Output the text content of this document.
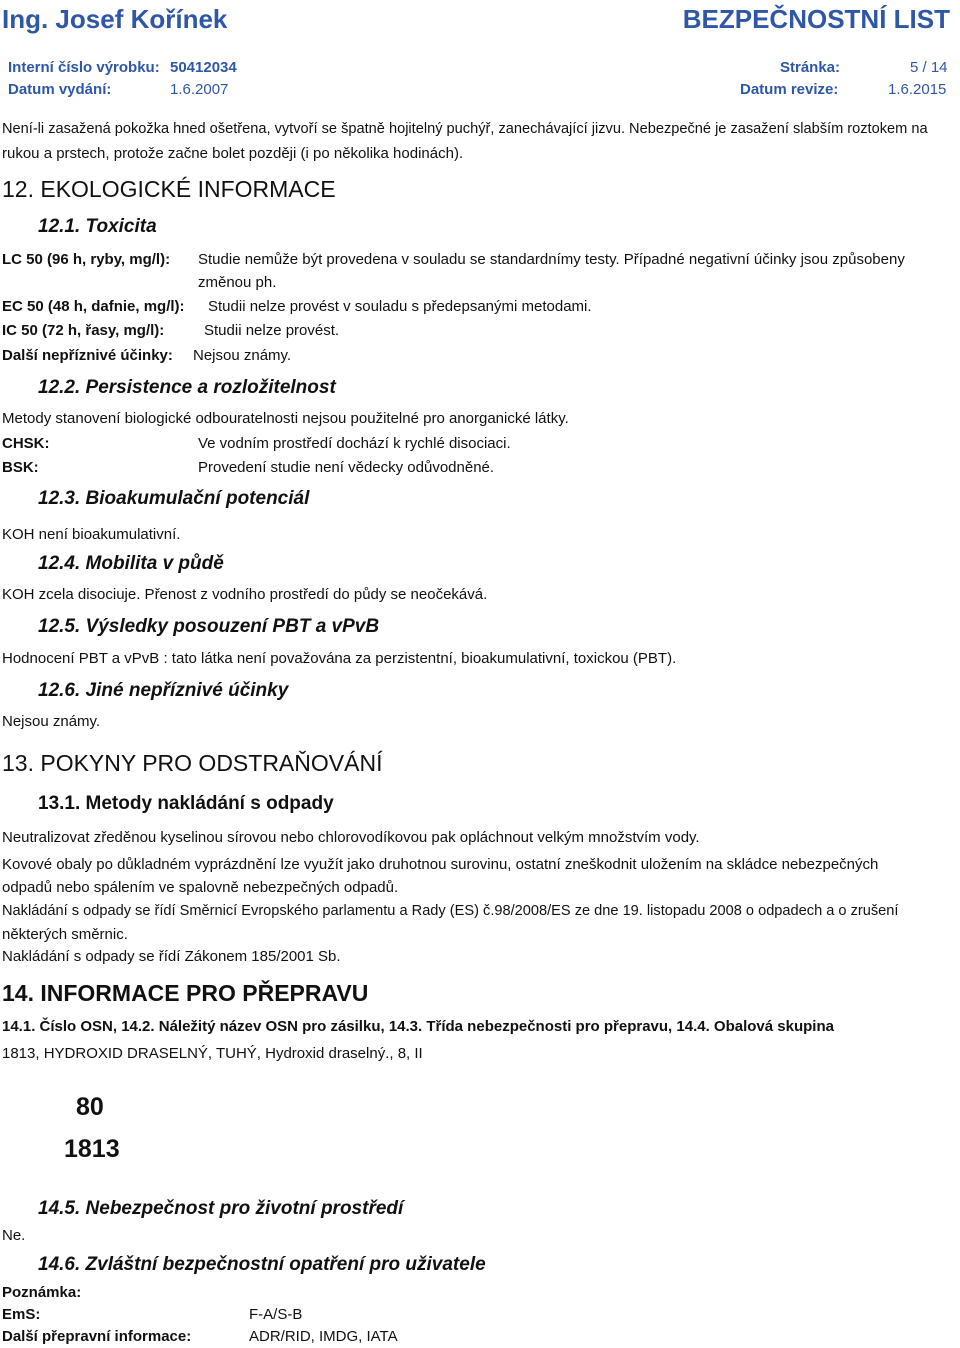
Ing. Josef Kořínek	BEZPEČNOSTNÍ LIST
Interní číslo výrobku: 50412034	Stránka:	5 / 14
Datum vydání:	1.6.2007	Datum revize:	1.6.2015
Není-li zasažená pokožka hned ošetřena, vytvoří se špatně hojitelný puchýř, zanechávající jizvu. Nebezpečné je zasažení slabším roztokem na
rukou a prstech, protože začne bolet později (i po několika hodinách).
12. EKOLOGICKÉ INFORMACE
12.1. Toxicita
LC 50 (96 h, ryby, mg/l): Studie nemůže být provedena v souladu se standardnímy testy. Případné negativní účinky jsou způsobeny
změnou ph.
EC 50 (48 h, dafnie, mg/l): Studii nelze provést v souladu s předepsanými metodami.
IC 50 (72 h, řasy, mg/l):	Studii nelze provést.
Další nepříznivé účinky: Nejsou známy.
12.2. Persistence a rozložitelnost
Metody stanovení biologické odbouratelnosti nejsou použitelné pro anorganické látky.
CHSK:	Ve vodním prostředí dochází k rychlé disociaci.
BSK:	Provedení studie není vědecky odůvodněné.
12.3. Bioakumulační potenciál
KOH není bioakumulativní.
12.4. Mobilita v půdě
KOH zcela disociuje. Přenost z vodního prostředí do půdy se neočekává.
12.5. Výsledky posouzení PBT a vPvB
Hodnocení PBT a vPvB : tato látka není považována za perzistentní, bioakumulativní, toxickou (PBT).
12.6. Jiné nepříznivé účinky
Nejsou známy.
13. POKYNY PRO ODSTRAŇOVÁNÍ
13.1. Metody nakládání s odpady
Neutralizovat zředěnou kyselinou sírovou nebo chlorovodíkovou pak opláchnout velkým množstvím vody.
Kovové obaly po důkladném vyprázdnění lze využít jako druhotnou surovinu, ostatní zneškodnit uložením na skládce nebezpečných
odpadů nebo spálením ve spalovně nebezpečných odpadů.
Nakládání s odpady se řídí Směrnicí Evropského parlamentu a Rady (ES) č.98/2008/ES ze dne 19. listopadu 2008 o odpadech a o zrušení
některých směrnic.
Nakládání s odpady se řídí Zákonem 185/2001 Sb.
14. INFORMACE PRO PŘEPRAVU
14.1. Číslo OSN, 14.2. Náležitý název OSN pro zásilku, 14.3. Třída nebezpečnosti pro přepravu, 14.4. Obalová skupina
1813, HYDROXID DRASELNÝ, TUHÝ, Hydroxid draselný., 8, II
80
1813
14.5. Nebezpečnost pro životní prostředí
Ne.
14.6. Zvláštní bezpečnostní opatření pro uživatele
Poznámka:
EmS:	F-A/S-B
Další přepravní informace:	ADR/RID, IMDG, IATA
